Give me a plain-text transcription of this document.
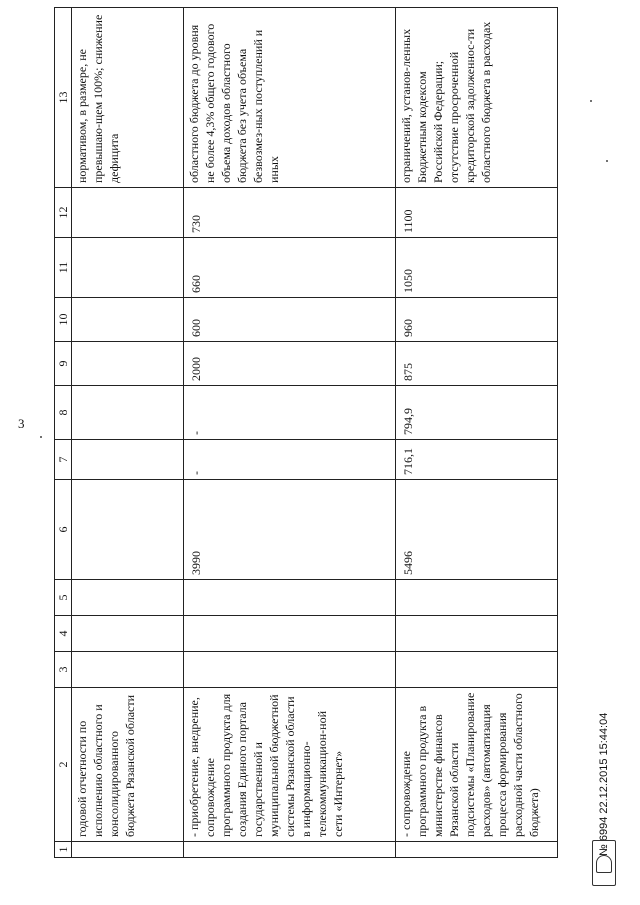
3
1	2	3	4	5	6	7	8	9	10	11	12	13
	годовой отчетности по исполнению областного и консолидированного бюджета Рязанской области											нормативом, в размере, не превышаю-щем 100%; снижение дефицита
	- приобретение, внедрение, сопровождение программного продукта для создания Единого портала государственной и муниципальной бюджетной системы Рязанской области в информационно-телекоммуникацион-ной сети «Интернет»				3990	-	-	2000	600	660	730	областного бюджета до уровня не более 4,3% общего годового объема доходов областного бюджета без учета объема безвозмез-ных поступлений и иных
	- сопровождение программного продукта в министерстве финансов Рязанской области подсистемы «Планирование расходов» (автоматизация процесса формирования расходной части областного бюджета)				5496	716,1	794,9	875	960	1050	1100	ограничений, установ-ленных Бюджетным кодексом Российской Федерации; отсутствие просроченной кредиторской задолженнос-ти областного бюджета в расходах
№ 6994 22.12.2015 15:44:04
